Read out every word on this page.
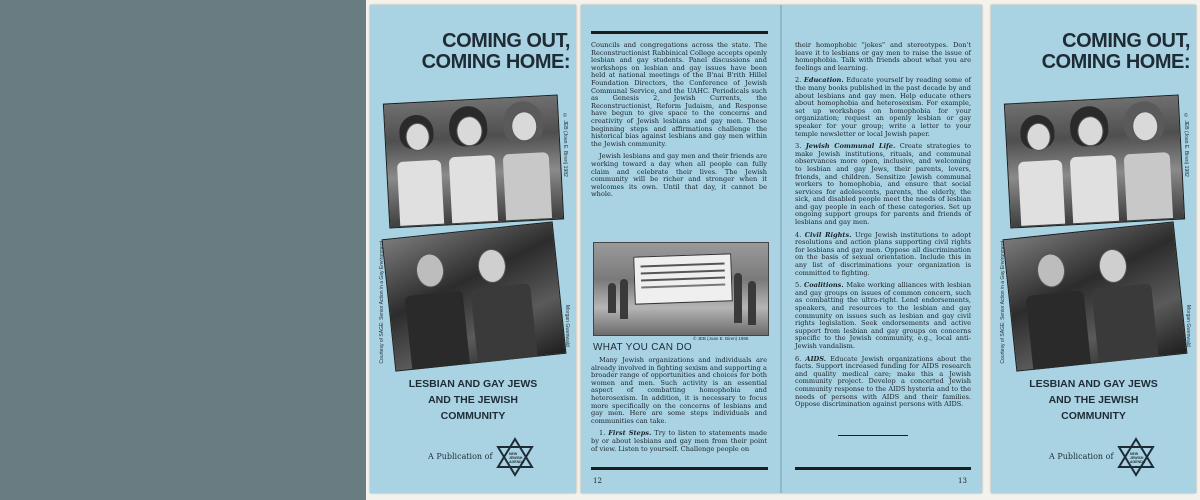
COMING OUT,
COMING HOME:
© JEB (Joan E. Biren) 1982
Courtesy of SAGE: Senior Action in a Gay Environment	Morgan Gwenwald
LESBIAN AND GAY JEWS
AND THE JEWISH
COMMUNITY
A Publication of	NEW
JEWISH
AGENDA

Councils and congregations across the state. The Reconstructionist Rabbinical College accepts openly lesbian and gay students. Panel discussions and workshops on lesbian and gay issues have been held at national meetings of the B'nai B'rith Hillel Foundation Directors, the Conference of Jewish Communal Service, and the UAHC. Periodicals such as Genesis 2, Jewish Currents, the Reconstructionist, Reform Judaism, and Response have begun to give space to the concerns and creativity of Jewish lesbians and gay men. These beginning steps and affirmations challenge the historical bias against lesbians and gay men within the Jewish community.

Jewish lesbians and gay men and their friends are working toward a day when all people can fully claim and celebrate their lives. The Jewish community will be richer and stronger when it welcomes its own. Until that day, it cannot be whole.

© JEB (Joan E. Biren) 1986
WHAT YOU CAN DO

Many Jewish organizations and individuals are already involved in fighting sexism and supporting a broader range of opportunities and choices for both women and men. Such activity is an essential aspect of combatting homophobia and heterosexism. In addition, it is necessary to focus more specifically on the concerns of lesbians and gay men. Here are some steps individuals and communities can take.

1. First Steps. Try to listen to statements made by or about lesbians and gay men from their point of view. Listen to yourself. Challenge people on

their homophobic "jokes" and stereotypes. Don't leave it to lesbians or gay men to raise the issue of homophobia. Talk with friends about what you are feelings and learning.

2. Education. Educate yourself by reading some of the many books published in the past decade by and about lesbians and gay men. Help educate others about homophobia and heterosexism. For example, set up workshops on homophobia for your organization; request an openly lesbian or gay speaker for your group; write a letter to your temple newsletter or local Jewish paper.

3. Jewish Communal Life. Create strategies to make Jewish institutions, rituals, and communal observances more open, inclusive, and welcoming to lesbian and gay Jews, their parents, lovers, friends, and children. Sensitize Jewish communal workers to homophobia, and ensure that social services for adolescents, parents, the elderly, the sick, and disabled people meet the needs of lesbian and gay people in each of these categories. Set up ongoing support groups for parents and friends of lesbians and gay men.

4. Civil Rights. Urge Jewish institutions to adopt resolutions and action plans supporting civil rights for lesbians and gay men. Oppose all discrimination on the basis of sexual orientation. Include this in any list of discriminations your organization is committed to fighting.

5. Coalitions. Make working alliances with lesbian and gay groups on issues of common concern, such as combatting the ultra-right. Lend endorsements, speakers, and resources to the lesbian and gay community on issues such as lesbian and gay civil rights legislation. Seek endorsements and active support from lesbian and gay groups on concerns specific to the Jewish community, e.g., local anti-Jewish vandalism.

6. AIDS. Educate Jewish organizations about the facts. Support increased funding for AIDS research and quality medical care; make this a Jewish community project. Develop a concerted Jewish community response to the AIDS hysteria and to the needs of persons with AIDS and their families. Oppose discrimination against persons with AIDS.

12	13
COMING OUT,
COMING HOME:
© JEB (Joan E. Biren) 1982
Courtesy of SAGE: Senior Action in a Gay Environment	Morgan Gwenwald
LESBIAN AND GAY JEWS
AND THE JEWISH
COMMUNITY
A Publication of	NEW
JEWISH
AGENDA
